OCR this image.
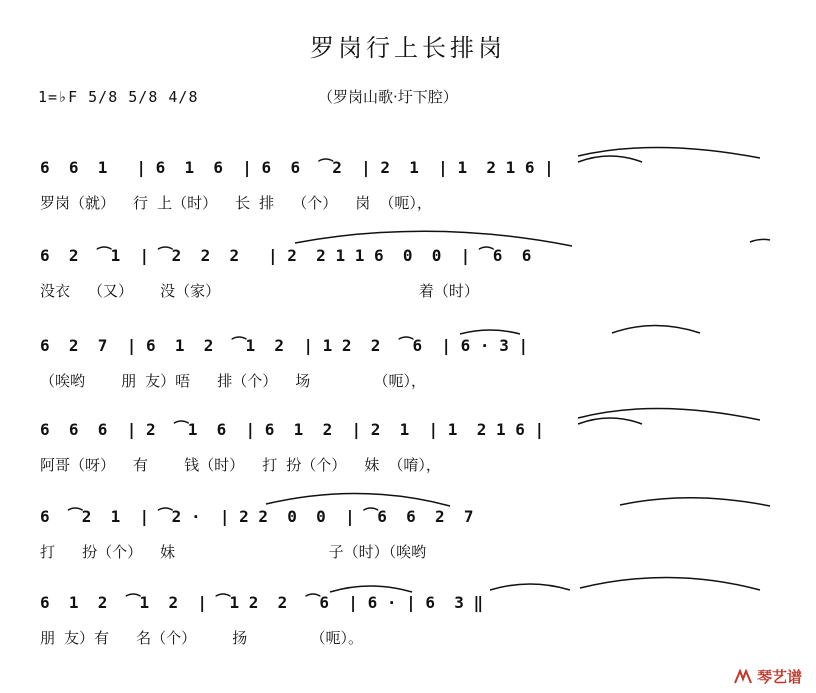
罗岗行上长排岗
1=♭F 5/8 5/8 4/8	（罗岗山歌·圩下腔）
6  6  1   | 6  1  6  | 6  6  ⁀2  | 2  1  | 1  2 1 6 |
罗岗（就）  行 上（时）  长 排  （个）  岗 （呃），
6  2  ⁀1  | ⁀2  2  2   | 2  2 1 1 6  0  0  | ⁀6  6
没衣  （又）   没（家）                      着（时）
6  2  7  | 6  1  2  ⁀1  2  | 1 2  2  ⁀6  | 6 · 3 |
（唉哟    朋 友）唔   排（个）  场       （呃），
6  6  6  | 2  ⁀1  6  | 6  1  2  | 2  1  | 1  2 1 6 |
阿哥（呀）  有    钱（时）  打 扮（个）  妹 （唷），
6  ⁀2  1  | ⁀2 ·  | 2 2  0  0  | ⁀6  6  2  7
打   扮（个）  妹                 子（时）（唉哟
6  1  2  ⁀1  2  | ⁀1 2  2  ⁀6  | 6 · | 6  3 ‖
朋 友）有   名（个）    扬       （呃）。
琴艺谱
